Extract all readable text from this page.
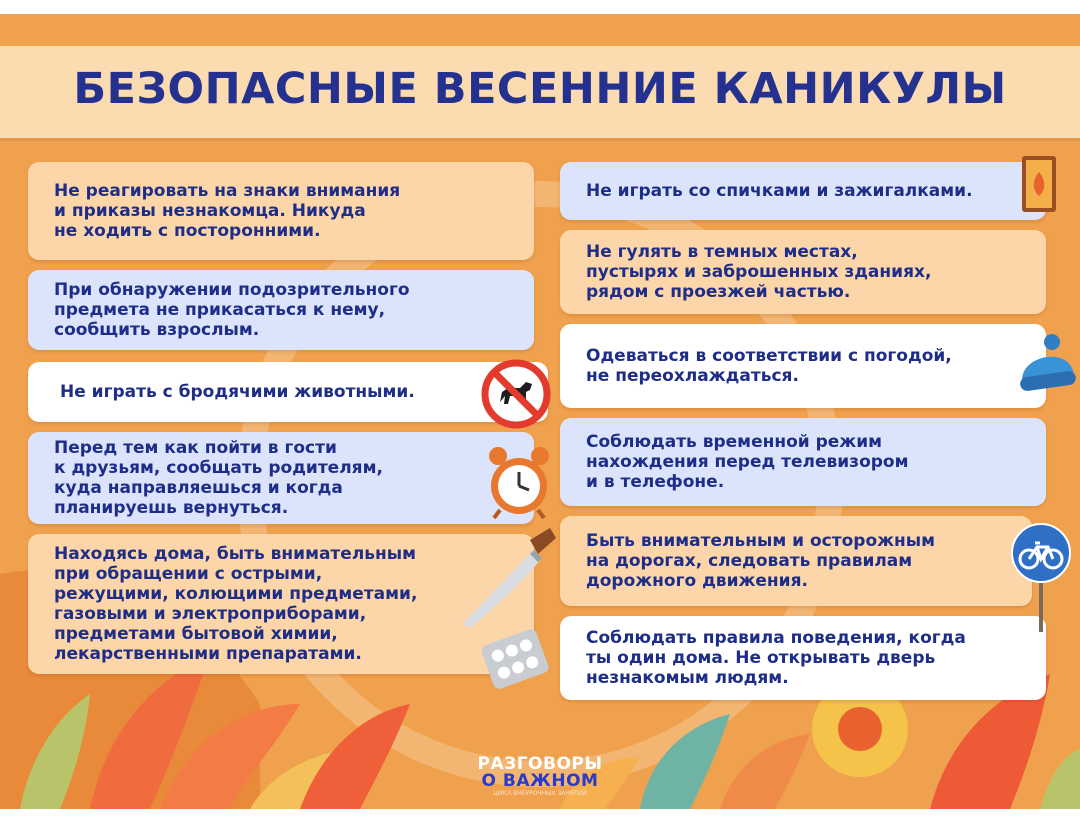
БЕЗОПАСНЫЕ ВЕСЕННИЕ КАНИКУЛЫ
Не реагировать на знаки внимания
и приказы незнакомца. Никуда
не ходить с посторонними.
При обнаружении подозрительного
предмета не прикасаться к нему,
сообщить взрослым.
Не играть с бродячими животными.
Перед тем как пойти в гости
к друзьям, сообщать родителям,
куда направляешься и когда
планируешь вернуться.
Находясь дома, быть внимательным
при обращении с острыми,
режущими, колющими предметами,
газовыми и электроприборами,
предметами бытовой химии,
лекарственными препаратами.
Не играть со спичками и зажигалками.
Не гулять в темных местах,
пустырях и заброшенных зданиях,
рядом с проезжей частью.
Одеваться в соответствии с погодой,
не переохлаждаться.
Соблюдать временной режим
нахождения перед телевизором
и в телефоне.
Быть внимательным и осторожным
на дорогах, следовать правилам
дорожного движения.
Соблюдать правила поведения, когда
ты один дома. Не открывать дверь
незнакомым людям.
РАЗГОВОРЫ
О ВАЖНОМ
ЦИКЛ ВНЕУРОЧНЫХ ЗАНЯТИЙ
